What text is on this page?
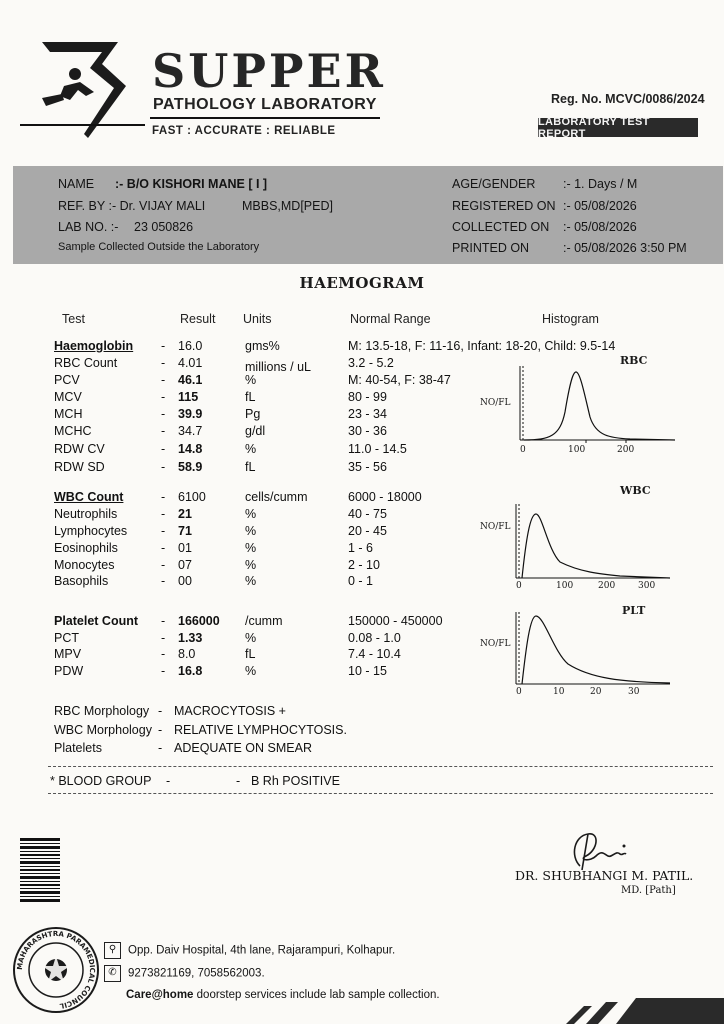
SUPPER
PATHOLOGY LABORATORY
FAST : ACCURATE : RELIABLE
Reg. No. MCVC/0086/2024
LABORATORY TEST REPORT
NAME :- B/O KISHORI MANE [ I ]
REF. BY :- Dr. VIJAY MALI	MBBS,MD[PED]
LAB NO. :- 23 050826
Sample Collected Outside the Laboratory
AGE/GENDER :- 1. Days / M
REGISTERED ON :- 05/08/2026
COLLECTED ON :- 05/08/2026
PRINTED ON	:- 05/08/2026 3:50 PM
HAEMOGRAM
Test	Result Units	Normal Range	Histogram
Haemoglobin - 16.0	gms%	M: 13.5-18, F: 11-16, Infant: 18-20, Child: 9.5-14
RBC Count	- 4.01	millions / uL	3.2 - 5.2
PCV	- 46.1	%	M: 40-54, F: 38-47
MCV	- 115	fL	80 - 99
MCH	- 39.9	Pg	23 - 34
MCHC	- 34.7	g/dl	30 - 36
RDW CV	- 14.8	%	11.0 - 14.5
RDW SD	- 58.9	fL	35 - 56
WBC Count	- 6100	cells/cumm	6000 - 18000
Neutrophils	- 21	%	40 - 75
Lymphocytes	- 71	%	20 - 45
Eosinophils	- 01	%	1 - 6
Monocytes	- 07	%	2 - 10
Basophils	- 00	%	0 - 1
Platelet Count - 166000 /cumm	150000 - 450000
PCT	- 1.33	%	0.08 - 1.0
MPV	- 8.0	fL	7.4 - 10.4
PDW	- 16.8	%	10 - 15
RBC
NO/FL
0	100	200
WBC
NO/FL
0	100	200	300
PLT
NO/FL
0	10	20	30
RBC Morphology - MACROCYTOSIS +
WBC Morphology - RELATIVE LYMPHOCYTOSIS.
Platelets	- ADEQUATE ON SMEAR
* BLOOD GROUP -	- B Rh POSITIVE
DR. SHUBHANGI M. PATIL.
MD. [Path]
MAHARASHTRA PARAMEDICAL COUNCIL
⚲ Opp. Daiv Hospital, 4th lane, Rajarampuri, Kolhapur.
✆ 9273821169, 7058562003.
Care@home doorstep services include lab sample collection.
